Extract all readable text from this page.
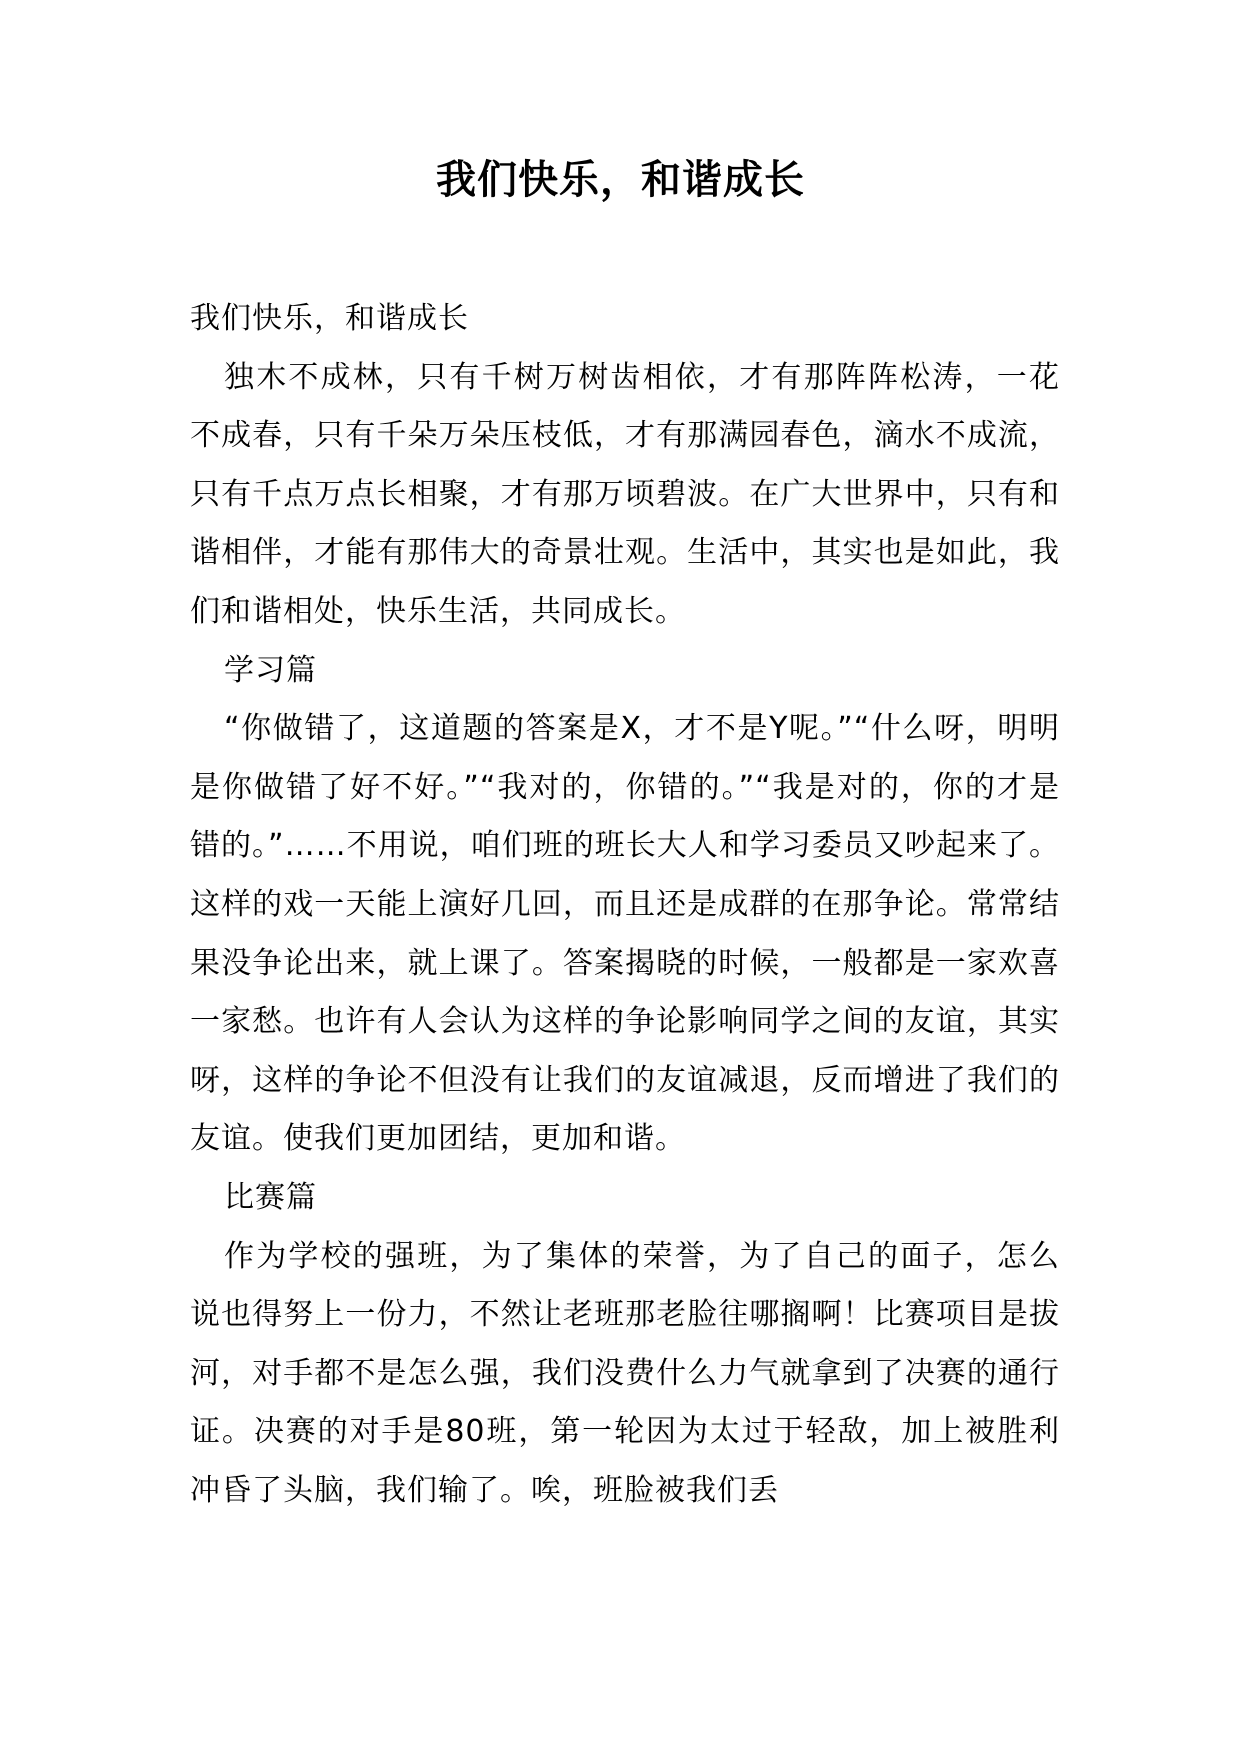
我们快乐，和谐成长

我们快乐，和谐成长

独木不成林，只有千树万树齿相依，才有那阵阵松涛，一花不成春，只有千朵万朵压枝低，才有那满园春色，滴水不成流，只有千点万点长相聚，才有那万顷碧波。在广大世界中，只有和谐相伴，才能有那伟大的奇景壮观。生活中，其实也是如此，我们和谐相处，快乐生活，共同成长。

学习篇

“你做错了，这道题的答案是X，才不是Y呢。”“什么呀，明明是你做错了好不好。”“我对的，你错的。”“我是对的，你的才是错的。”……不用说，咱们班的班长大人和学习委员又吵起来了。这样的戏一天能上演好几回，而且还是成群的在那争论。常常结果没争论出来，就上课了。答案揭晓的时候，一般都是一家欢喜一家愁。也许有人会认为这样的争论影响同学之间的友谊，其实呀，这样的争论不但没有让我们的友谊减退，反而增进了我们的友谊。使我们更加团结，更加和谐。

比赛篇

作为学校的强班，为了集体的荣誉，为了自己的面子，怎么说也得努上一份力，不然让老班那老脸往哪搁啊！比赛项目是拔河，对手都不是怎么强，我们没费什么力气就拿到了决赛的通行证。决赛的对手是80班，第一轮因为太过于轻敌，加上被胜利冲昏了头脑，我们输了。唉，班脸被我们丢
